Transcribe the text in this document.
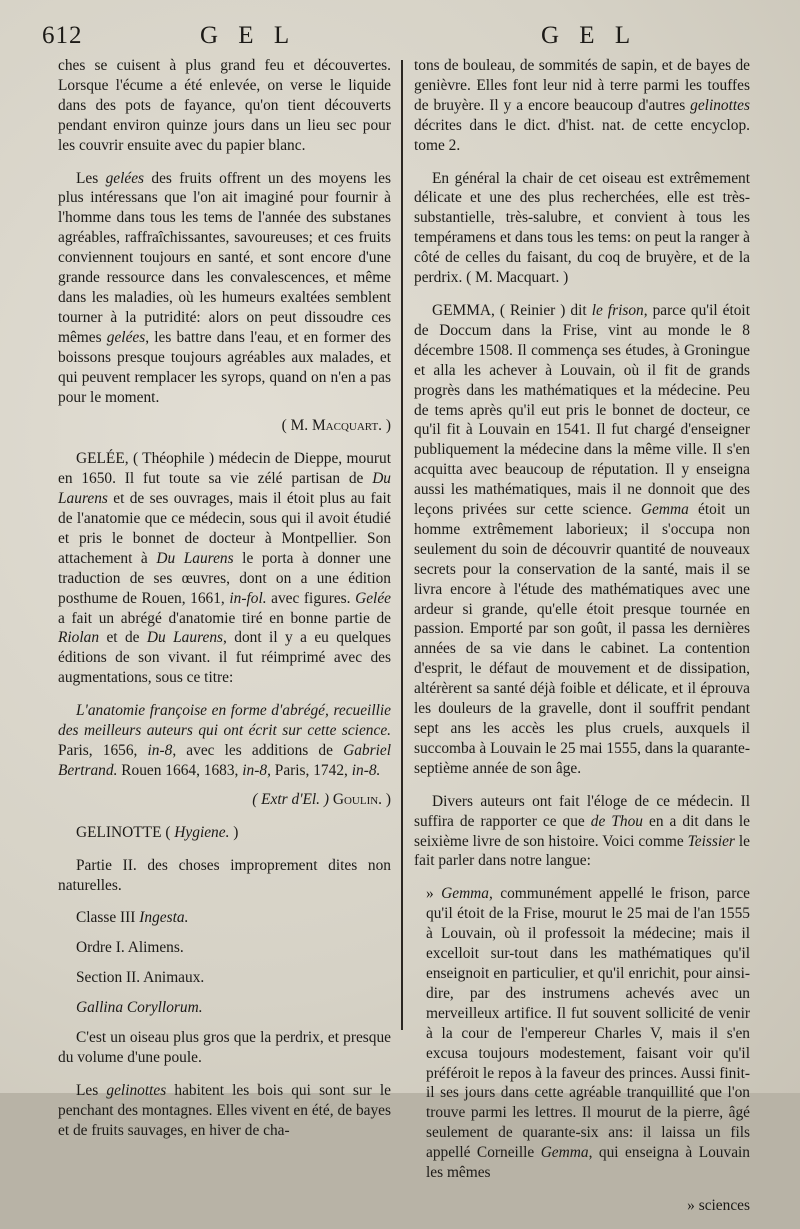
612	G E L	G E L

ches se cuisent à plus grand feu et découvertes. Lorsque l'écume a été enlevée, on verse le liquide dans des pots de fayance, qu'on tient découverts pendant environ quinze jours dans un lieu sec pour les couvrir ensuite avec du papier blanc.

Les gelées des fruits offrent un des moyens les plus intéressans que l'on ait imaginé pour fournir à l'homme dans tous les tems de l'année des substanes agréables, raffraîchissantes, savoureuses; et ces fruits conviennent toujours en santé, et sont encore d'une grande ressource dans les convalescences, et même dans les maladies, où les humeurs exaltées semblent tourner à la putridité: alors on peut dissoudre ces mêmes gelées, les battre dans l'eau, et en former des boissons presque toujours agréables aux malades, et qui peuvent remplacer les syrops, quand on n'en a pas pour le moment.

( M. Macquart. )

GELÉE, ( Théophile ) médecin de Dieppe, mourut en 1650. Il fut toute sa vie zélé partisan de Du Laurens et de ses ouvrages, mais il étoit plus au fait de l'anatomie que ce médecin, sous qui il avoit étudié et pris le bonnet de docteur à Montpellier. Son attachement à Du Laurens le porta à donner une traduction de ses œuvres, dont on a une édition posthume de Rouen, 1661, in-fol. avec figures. Gelée a fait un abrégé d'anatomie tiré en bonne partie de Riolan et de Du Laurens, dont il y a eu quelques éditions de son vivant. il fut réimprimé avec des augmentations, sous ce titre:

L'anatomie françoise en forme d'abrégé, recueillie des meilleurs auteurs qui ont écrit sur cette science. Paris, 1656, in-8, avec les additions de Gabriel Bertrand. Rouen 1664, 1683, in-8, Paris, 1742, in-8.

( Extr d'El. ) Goulin. )

GELINOTTE ( Hygiene. )

Partie II. des choses improprement dites non naturelles.

Classe III Ingesta.

Ordre I. Alimens.

Section II. Animaux.

Gallina Coryllorum.

C'est un oiseau plus gros que la perdrix, et presque du volume d'une poule.

Les gelinottes habitent les bois qui sont sur le penchant des montagnes. Elles vivent en été, de bayes et de fruits sauvages, en hiver de cha-

tons de bouleau, de sommités de sapin, et de bayes de genièvre. Elles font leur nid à terre parmi les touffes de bruyère. Il y a encore beaucoup d'autres gelinottes décrites dans le dict. d'hist. nat. de cette encyclop. tome 2.

En général la chair de cet oiseau est extrêmement délicate et une des plus recherchées, elle est très-substantielle, très-salubre, et convient à tous les tempéramens et dans tous les tems: on peut la ranger à côté de celles du faisant, du coq de bruyère, et de la perdrix. ( M. Macquart. )

GEMMA, ( Reinier ) dit le frison, parce qu'il étoit de Doccum dans la Frise, vint au monde le 8 décembre 1508. Il commença ses études, à Groningue et alla les achever à Louvain, où il fit de grands progrès dans les mathématiques et la médecine. Peu de tems après qu'il eut pris le bonnet de docteur, ce qu'il fit à Louvain en 1541. Il fut chargé d'enseigner publiquement la médecine dans la même ville. Il s'en acquitta avec beaucoup de réputation. Il y enseigna aussi les mathématiques, mais il ne donnoit que des leçons privées sur cette science. Gemma étoit un homme extrêmement laborieux; il s'occupa non seulement du soin de découvrir quantité de nouveaux secrets pour la conservation de la santé, mais il se livra encore à l'étude des mathématiques avec une ardeur si grande, qu'elle étoit presque tournée en passion. Emporté par son goût, il passa les dernières années de sa vie dans le cabinet. La contention d'esprit, le défaut de mouvement et de dissipation, altérèrent sa santé déjà foible et délicate, et il éprouva les douleurs de la gravelle, dont il souffrit pendant sept ans les accès les plus cruels, auxquels il succomba à Louvain le 25 mai 1555, dans la quarante-septième année de son âge.

Divers auteurs ont fait l'éloge de ce médecin. Il suffira de rapporter ce que de Thou en a dit dans le seixième livre de son histoire. Voici comme Teissier le fait parler dans notre langue:

» Gemma, communément appellé le frison, parce qu'il étoit de la Frise, mourut le 25 mai de l'an 1555 à Louvain, où il professoit la médecine; mais il excelloit sur-tout dans les mathématiques qu'il enseignoit en particulier, et qu'il enrichit, pour ainsi-dire, par des instrumens achevés avec un merveilleux artifice. Il fut souvent sollicité de venir à la cour de l'empereur Charles V, mais il s'en excusa toujours modestement, faisant voir qu'il préféroit le repos à la faveur des princes. Aussi finit-il ses jours dans cette agréable tranquillité que l'on trouve parmi les lettres. Il mourut de la pierre, âgé seulement de quarante-six ans: il laissa un fils appellé Corneille Gemma, qui enseigna à Louvain les mêmes

» sciences
